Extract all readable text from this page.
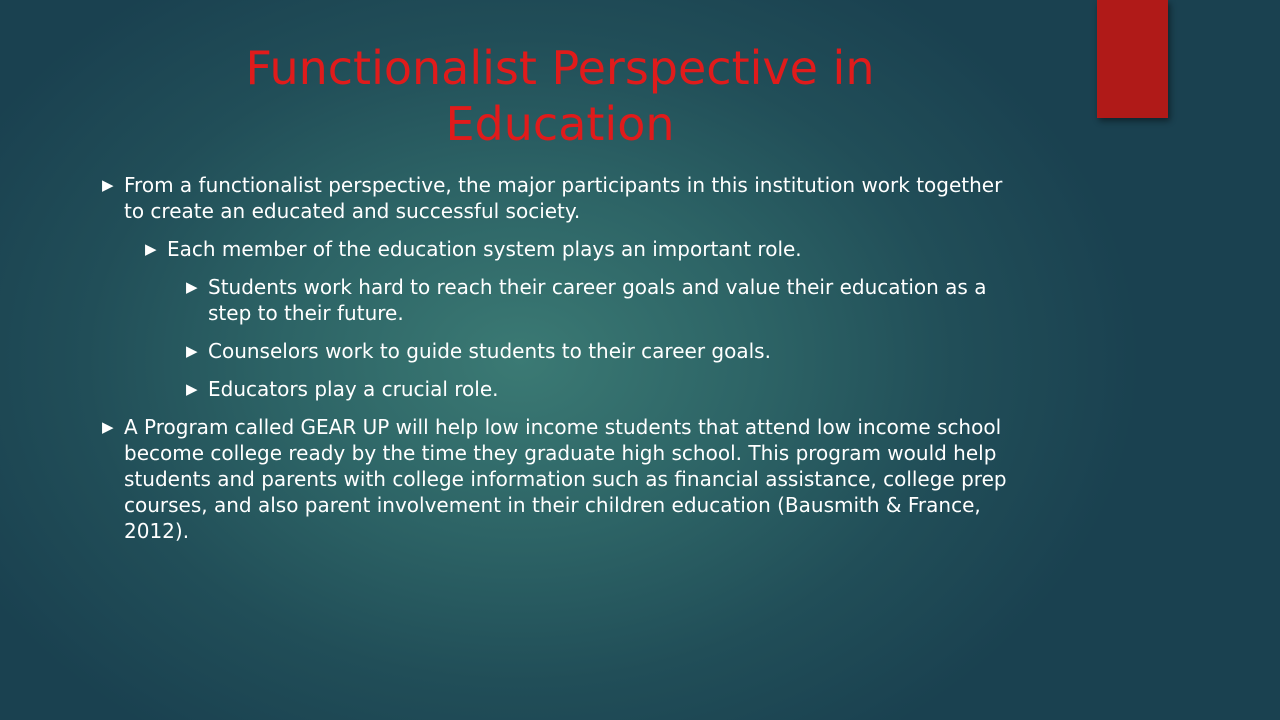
Functionalist Perspective in Education
▶ From a functionalist perspective, the major participants in this institution work together to create an educated and successful society.
▶ Each member of the education system plays an important role.
▶ Students work hard to reach their career goals and value their education as a step to their future.
▶ Counselors work to guide students to their career goals.
▶ Educators play a crucial role.
▶ A Program called GEAR UP will help low income students that attend low income school become college ready by the time they graduate high school. This program would help students and parents with college information such as financial assistance, college prep courses, and also parent involvement in their children education (Bausmith & France, 2012).
